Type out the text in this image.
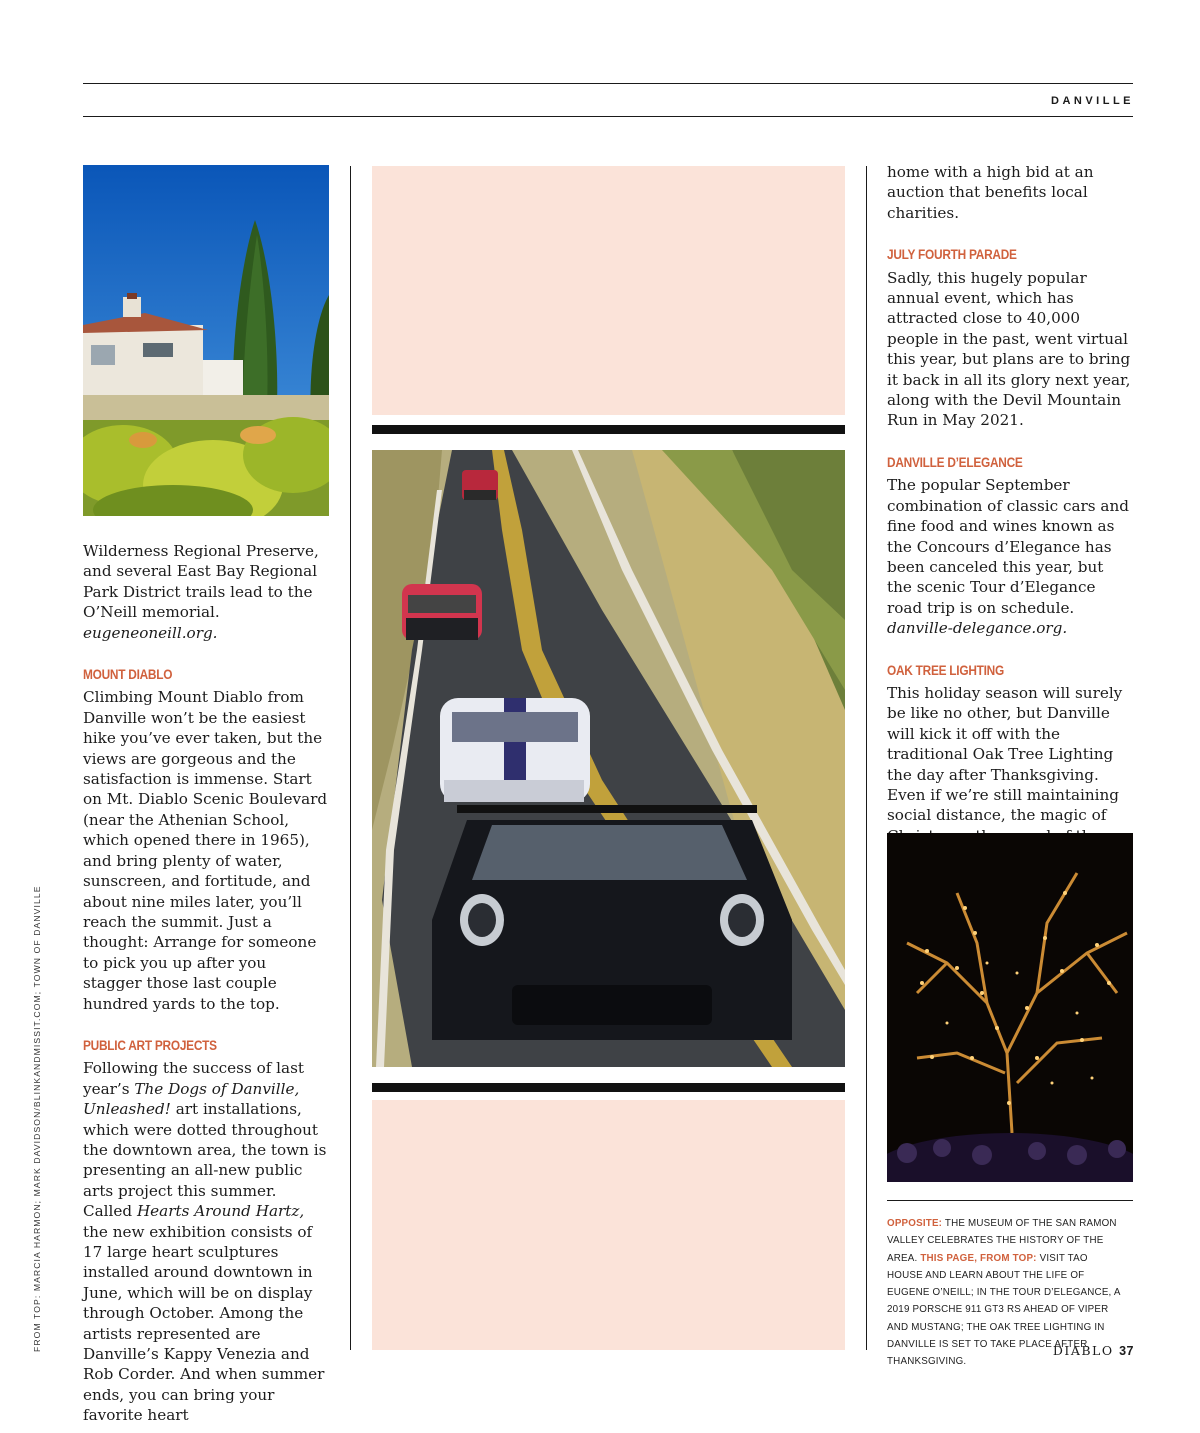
DANVILLE

Wilderness Regional Preserve, and several East Bay Regional Park District trails lead to the O’Neill memorial. eugeneoneill.org.

MOUNT DIABLO

Climbing Mount Diablo from Danville won’t be the easiest hike you’ve ever taken, but the views are gorgeous and the satisfaction is immense. Start on Mt. Diablo Scenic Boulevard (near the Athenian School, which opened there in 1965), and bring plenty of water, sunscreen, and fortitude, and about nine miles later, you’ll reach the summit. Just a thought: Arrange for someone to pick you up after you stagger those last couple hundred yards to the top.

PUBLIC ART PROJECTS

Following the success of last year’s The Dogs of Danville, Unleashed! art installations, which were dotted throughout the downtown area, the town is presenting an all-new public arts project this summer. Called Hearts Around Hartz, the new exhibition consists of 17 large heart sculptures installed around downtown in June, which will be on display through October. Among the artists represented are Danville’s Kappy Venezia and Rob Corder. And when summer ends, you can bring your favorite heart

home with a high bid at an auction that benefits local charities.

JULY FOURTH PARADE

Sadly, this hugely popular annual event, which has attracted close to 40,000 people in the past, went virtual this year, but plans are to bring it back in all its glory next year, along with the Devil Mountain Run in May 2021.

DANVILLE D’ELEGANCE

The popular September combination of classic cars and fine food and wines known as the Concours d’Elegance has been canceled this year, but the scenic Tour d’Elegance road trip is on schedule. danville-delegance.org.

OAK TREE LIGHTING

This holiday season will surely be like no other, but Danville will kick it off with the traditional Oak Tree Lighting the day after Thanksgiving. Even if we’re still maintaining social distance, the magic of

OPPOSITE: THE MUSEUM OF THE SAN RAMON VALLEY CELEBRATES THE HISTORY OF THE AREA. THIS PAGE, FROM TOP: VISIT TAO HOUSE AND LEARN ABOUT THE LIFE OF EUGENE O’NEILL; IN THE TOUR D’ELEGANCE, A 2019 PORSCHE 911 GT3 RS AHEAD OF VIPER AND MUSTANG; THE OAK TREE LIGHTING IN DANVILLE IS SET TO TAKE PLACE AFTER THANKSGIVING.
FROM TOP: MARCIA HARMON; MARK DAVIDSON/BLINKANDMISSIT.COM; TOWN OF DANVILLE	DIABLO 37
